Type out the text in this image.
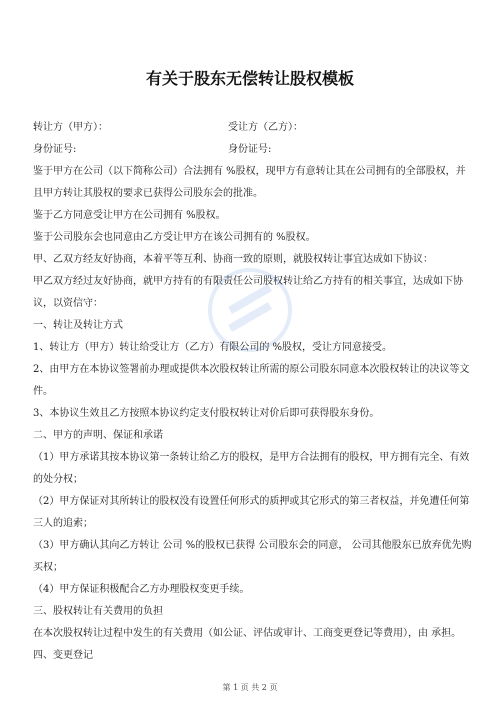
有关于股东无偿转让股权模板
转让方（甲方）：	受让方（乙方）：
身份证号:	身份证号:

鉴于甲方在公司（以下简称公司）合法拥有 %股权，现甲方有意转让其在公司拥有的全部股权，并且甲方转让其股权的要求已获得公司股东会的批准。

鉴于乙方同意受让甲方在公司拥有 %股权。

鉴于公司股东会也同意由乙方受让甲方在该公司拥有的 %股权。

甲、乙双方经友好协商，本着平等互利、协商一致的原则，就股权转让事宜达成如下协议：

甲乙双方经过友好协商，就甲方持有的有限责任公司股权转让给乙方持有的相关事宜，达成如下协议，以资信守：

一、转让及转让方式

1、转让方（甲方）转让给受让方（乙方）有限公司的 %股权，受让方同意接受。

2、由甲方在本协议签署前办理或提供本次股权转让所需的原公司股东同意本次股权转让的决议等文件。

3、本协议生效且乙方按照本协议约定支付股权转让对价后即可获得股东身份。

二、甲方的声明、保证和承诺

（1）甲方承诺其按本协议第一条转让给乙方的股权，是甲方合法拥有的股权，甲方拥有完全、有效的处分权；

（2）甲方保证对其所转让的股权没有设置任何形式的质押或其它形式的第三者权益，并免遭任何第三人的追索；

（3）甲方确认其向乙方转让 公司 %的股权已获得 公司股东会的同意， 公司其他股东已放弃优先购买权；

（4）甲方保证积极配合乙方办理股权变更手续。

三、股权转让有关费用的负担

在本次股权转让过程中发生的有关费用（如公证、评估或审计、工商变更登记等费用），由 承担。

四、变更登记

第 1 页 共 2 页
